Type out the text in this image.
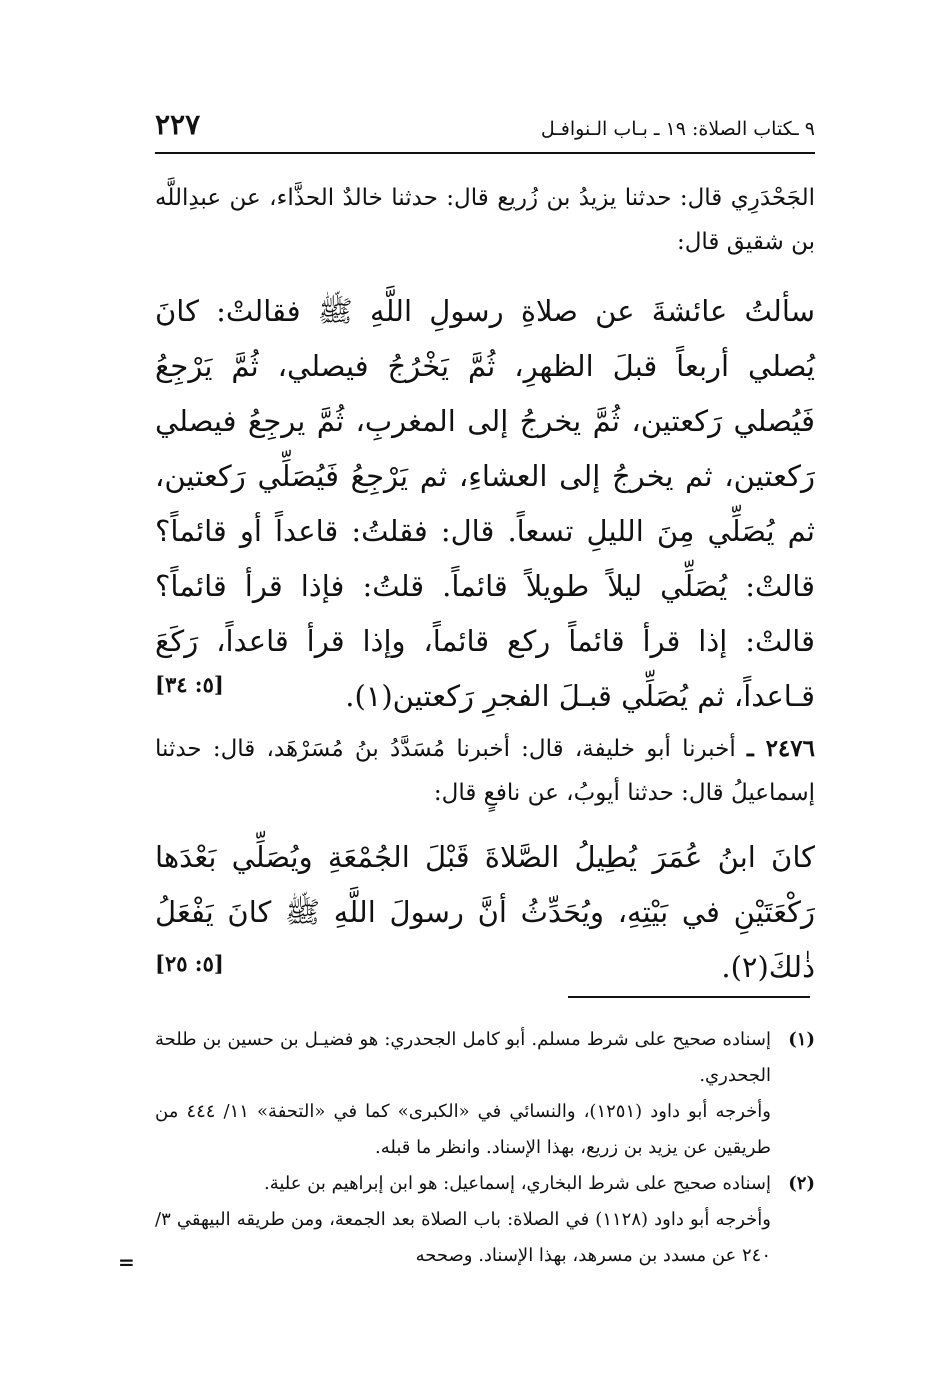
٩ ـكتاب الصلاة: ١٩ ـ بـاب الـنوافـل
٢٢٧

الجَحْدَرِي قال: حدثنا يزيدُ بن زُريع قال: حدثنا خالدٌ الحذَّاء، عن عبدِاللَّه بن شقيق قال:

سألتُ عائشةَ عن صلاةِ رسولِ اللَّهِ ﷺ فقالتْ: كانَ يُصلي أربعاً قبلَ الظهرِ، ثُمَّ يَخْرُجُ فيصلي، ثُمَّ يَرْجِعُ فَيُصلي رَكعتين، ثُمَّ يخرجُ إلى المغربِ، ثُمَّ يرجِعُ فيصلي رَكعتين، ثم يخرجُ إلى العشاءِ، ثم يَرْجِعُ فَيُصَلِّي رَكعتين، ثم يُصَلِّي مِنَ الليلِ تسعاً. قال: فقلتُ: قاعداً أو قائماً؟ قالتْ: يُصَلِّي ليلاً طويلاً قائماً. قلتُ: فإذا قرأ قائماً؟ قالتْ: إذا قرأ قائماً ركع قائماً، وإذا قرأ قاعداً، رَكَعَ قـاعداً، ثم يُصَلِّي قبـلَ الفجرِ رَكعتين(١).

[٥: ٣٤]

٢٤٧٦ ـ أخبرنا أبو خليفة، قال: أخبرنا مُسَدَّدُ بنُ مُسَرْهَد، قال: حدثنا إسماعيلُ قال: حدثنا أيوبُ، عن نافعٍ قال:

كانَ ابنُ عُمَرَ يُطِيلُ الصَّلاةَ قَبْلَ الجُمْعَةِ ويُصَلِّي بَعْدَها رَكْعَتَيْنِ في بَيْتِهِ، ويُحَدِّثُ أنَّ رسولَ اللَّهِ ﷺ كانَ يَفْعَلُ ذٰلكَ(٢).

[٥: ٢٥]
(١)
إسناده صحيح على شرط مسلم. أبو كامل الجحدري: هو فضيـل بن حسين بن طلحة الجحدري.
وأخرجه أبو داود (١٢٥١)، والنسائي في «الكبرى» كما في «التحفة» ١١/ ٤٤٤ من طريقين عن يزيد بن زريع، بهذا الإسناد. وانظر ما قبله.
(٢)
إسناده صحيح على شرط البخاري، إسماعيل: هو ابن إبراهيم بن علية.
وأخرجه أبو داود (١١٢٨) في الصلاة: باب الصلاة بعد الجمعة، ومن طريقه البيهقي ٣/ ٢٤٠ عن مسدد بن مسرهد، بهذا الإسناد. وصححه
=
